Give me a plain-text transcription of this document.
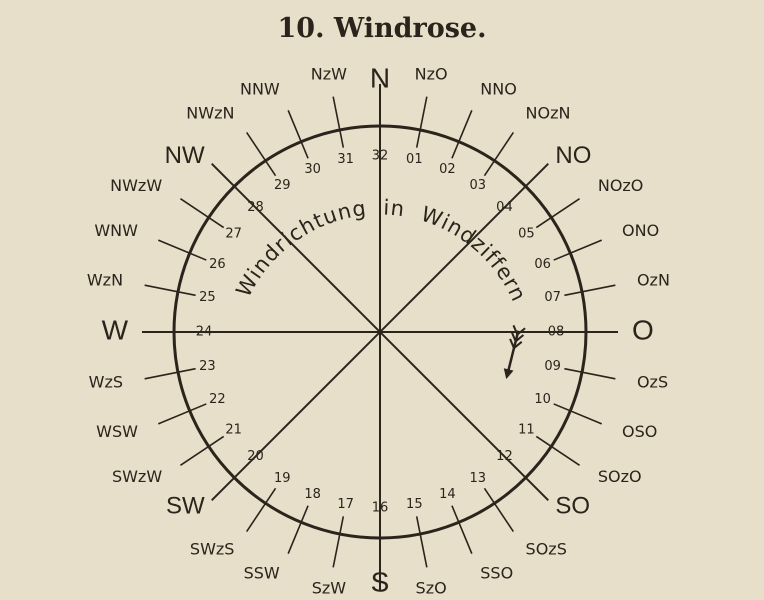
10. Windrose.
N NzO
NNO
NOzN
NO
NOzO
ONO
OzN
O
OzS
OSO
SOzO
SO
SOzS
SSO
SzO
S
SzW
SSW
SWzS
SW
SWzW
WSW
WzS
W
WzN
WNW
NWzW
NW
NWzN
NNW
NzW
32 01
02
03
04
05
06
07
08
09
10
11
12
13
14
15
16
17
18
19
20
21
22
23
24
25
26
27
28
29
30
31
Windrichtung in Windziffern
